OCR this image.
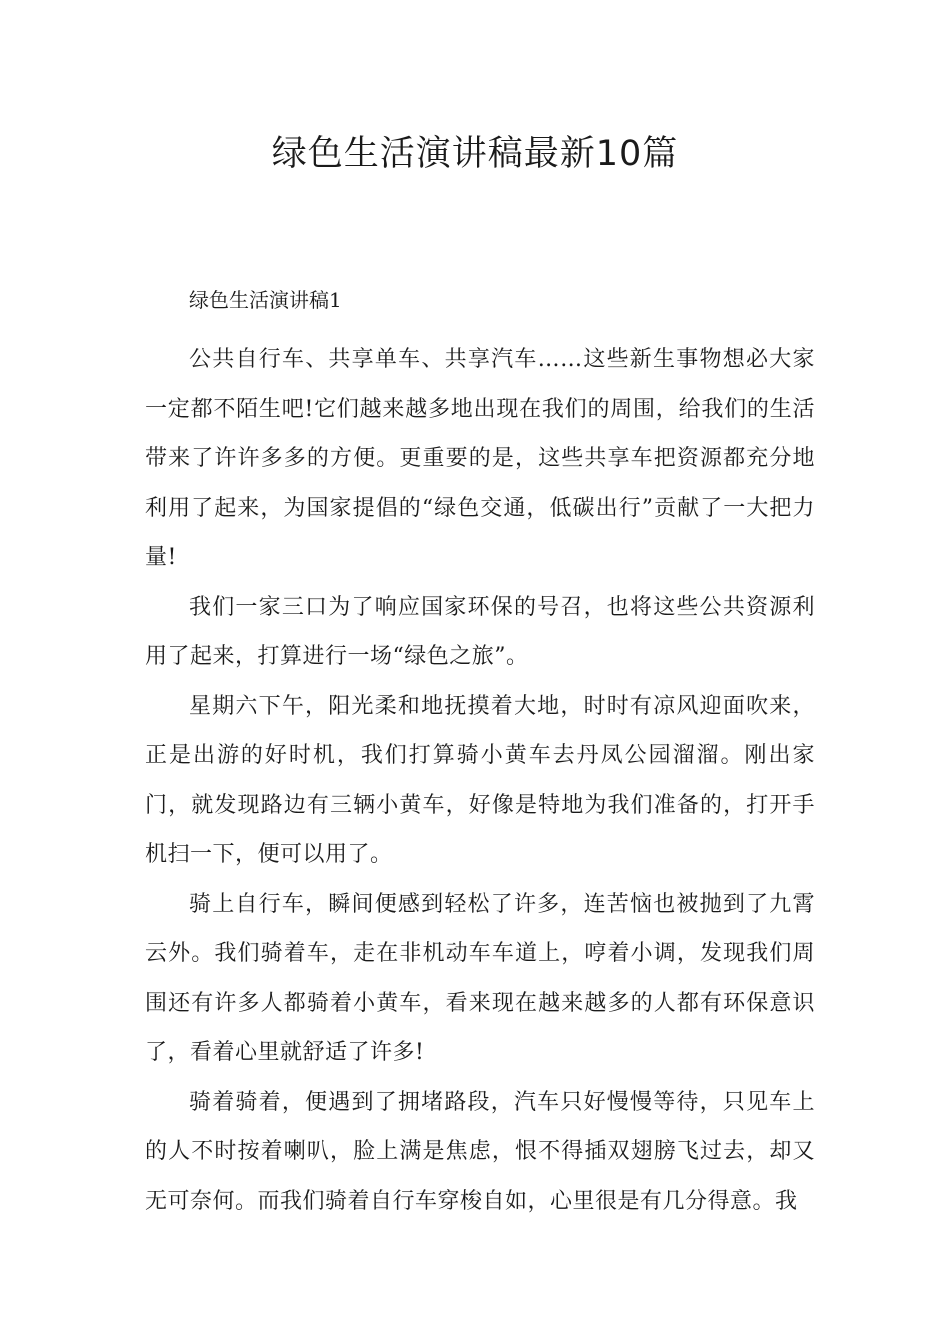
绿色生活演讲稿最新10篇
绿色生活演讲稿1

公共自行车、共享单车、共享汽车……这些新生事物想必大家一定都不陌生吧!它们越来越多地出现在我们的周围，给我们的生活带来了许许多多的方便。更重要的是，这些共享车把资源都充分地利用了起来，为国家提倡的“绿色交通，低碳出行”贡献了一大把力量!

我们一家三口为了响应国家环保的号召，也将这些公共资源利用了起来，打算进行一场“绿色之旅”。

星期六下午，阳光柔和地抚摸着大地，时时有凉风迎面吹来，正是出游的好时机，我们打算骑小黄车去丹凤公园溜溜。刚出家门，就发现路边有三辆小黄车，好像是特地为我们准备的，打开手机扫一下，便可以用了。

骑上自行车，瞬间便感到轻松了许多，连苦恼也被抛到了九霄云外。我们骑着车，走在非机动车车道上，哼着小调，发现我们周围还有许多人都骑着小黄车，看来现在越来越多的人都有环保意识了，看着心里就舒适了许多!

骑着骑着，便遇到了拥堵路段，汽车只好慢慢等待，只见车上的人不时按着喇叭，脸上满是焦虑，恨不得插双翅膀飞过去，却又无可奈何。而我们骑着自行车穿梭自如，心里很是有几分得意。我
